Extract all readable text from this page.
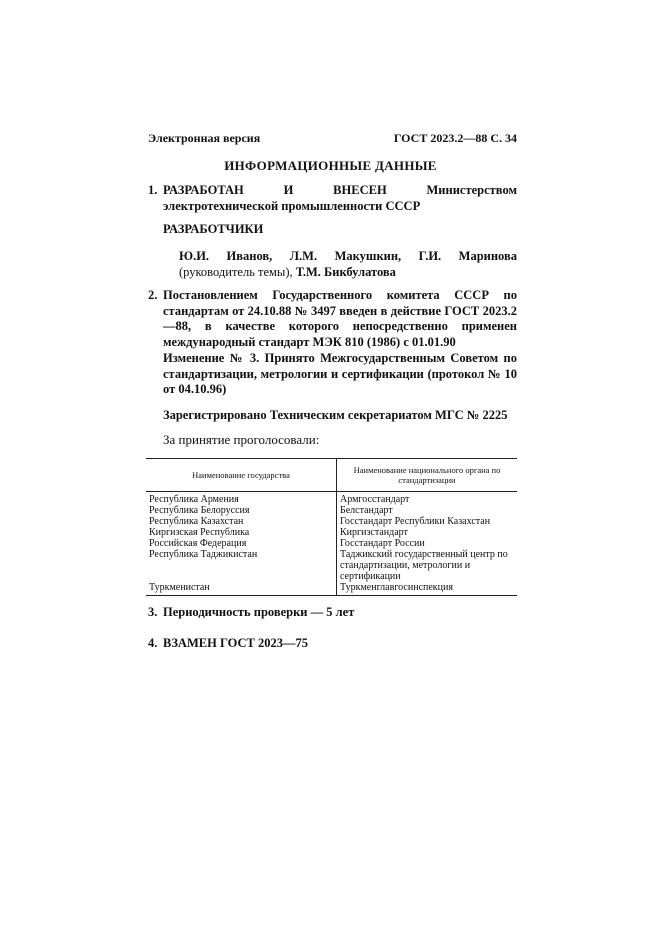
Электронная версия	ГОСТ 2023.2—88 С. 34
ИНФОРМАЦИОННЫЕ ДАННЫЕ
1. РАЗРАБОТАН И ВНЕСЕН Министерством электротехнической промышленности СССР
РАЗРАБОТЧИКИ
Ю.И. Иванов, Л.М. Макушкин, Г.И. Маринова (руководитель темы), Т.М. Бикбулатова
2. Постановлением Государственного комитета СССР по стандартам от 24.10.88 № 3497 введен в действие ГОСТ 2023.2—88, в качестве которого непосредственно применен международный стандарт МЭК 810 (1986) с 01.01.90
Изменение № 3. Принято Межгосударственным Советом по стандартизации, метрологии и сертификации (протокол № 10 от 04.10.96)
Зарегистрировано Техническим секретариатом МГС № 2225
За принятие проголосовали:
Наименование государства	Наименование национального органа по стандартизации
Республика Армения	Армгосстандарт
Республика Белоруссия	Белстандарт
Республика Казахстан	Госстандарт Республики Казахстан
Киргизская Республика	Киргизстандарт
Российская Федерация	Госстандарт России
Республика Таджикистан	Таджикский государственный центр по стандартизации, метрологии и сертификации
Туркменистан	Туркменглавгосинспекция
3. Периодичность проверки — 5 лет
4. ВЗАМЕН ГОСТ 2023—75
